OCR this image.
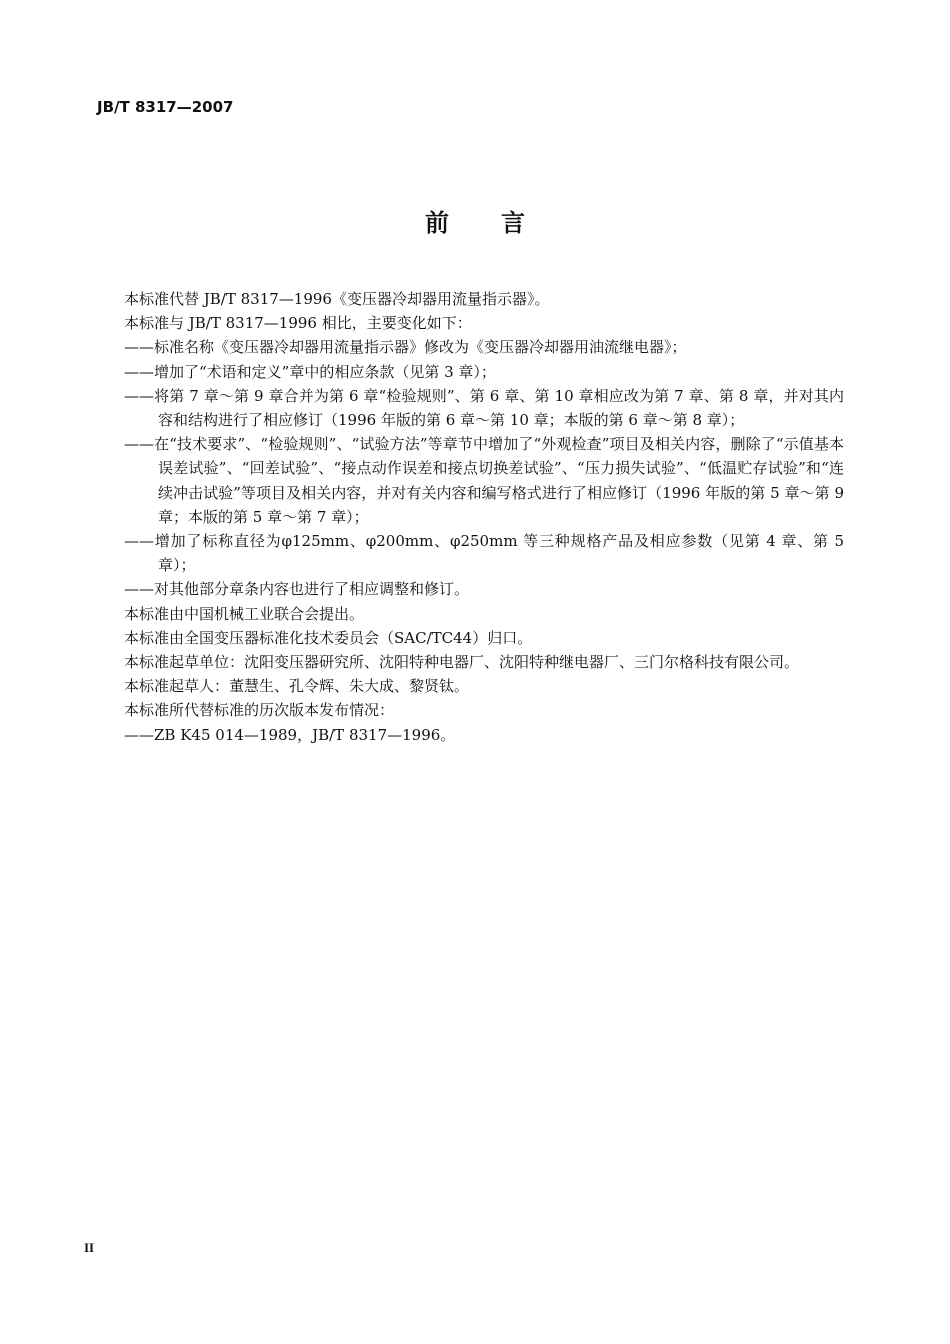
JB/T 8317—2007
前 言

本标准代替 JB/T 8317—1996《变压器冷却器用流量指示器》。

本标准与 JB/T 8317—1996 相比，主要变化如下：

——标准名称《变压器冷却器用流量指示器》修改为《变压器冷却器用油流继电器》；

——增加了“术语和定义”章中的相应条款（见第 3 章）；

——将第 7 章～第 9 章合并为第 6 章“检验规则”、第 6 章、第 10 章相应改为第 7 章、第 8 章，并对其内容和结构进行了相应修订（1996 年版的第 6 章～第 10 章；本版的第 6 章～第 8 章）；

——在“技术要求”、“检验规则”、“试验方法”等章节中增加了“外观检查”项目及相关内容，删除了“示值基本误差试验”、“回差试验”、“接点动作误差和接点切换差试验”、“压力损失试验”、“低温贮存试验”和“连续冲击试验”等项目及相关内容，并对有关内容和编写格式进行了相应修订（1996 年版的第 5 章～第 9 章；本版的第 5 章～第 7 章）；

——增加了标称直径为φ125mm、φ200mm、φ250mm 等三种规格产品及相应参数（见第 4 章、第 5 章）；

——对其他部分章条内容也进行了相应调整和修订。

本标准由中国机械工业联合会提出。

本标准由全国变压器标准化技术委员会（SAC/TC44）归口。

本标准起草单位：沈阳变压器研究所、沈阳特种电器厂、沈阳特种继电器厂、三门尔格科技有限公司。

本标准起草人：董慧生、孔令辉、朱大成、黎贤钛。

本标准所代替标准的历次版本发布情况：

——ZB K45 014—1989，JB/T 8317—1996。

II
